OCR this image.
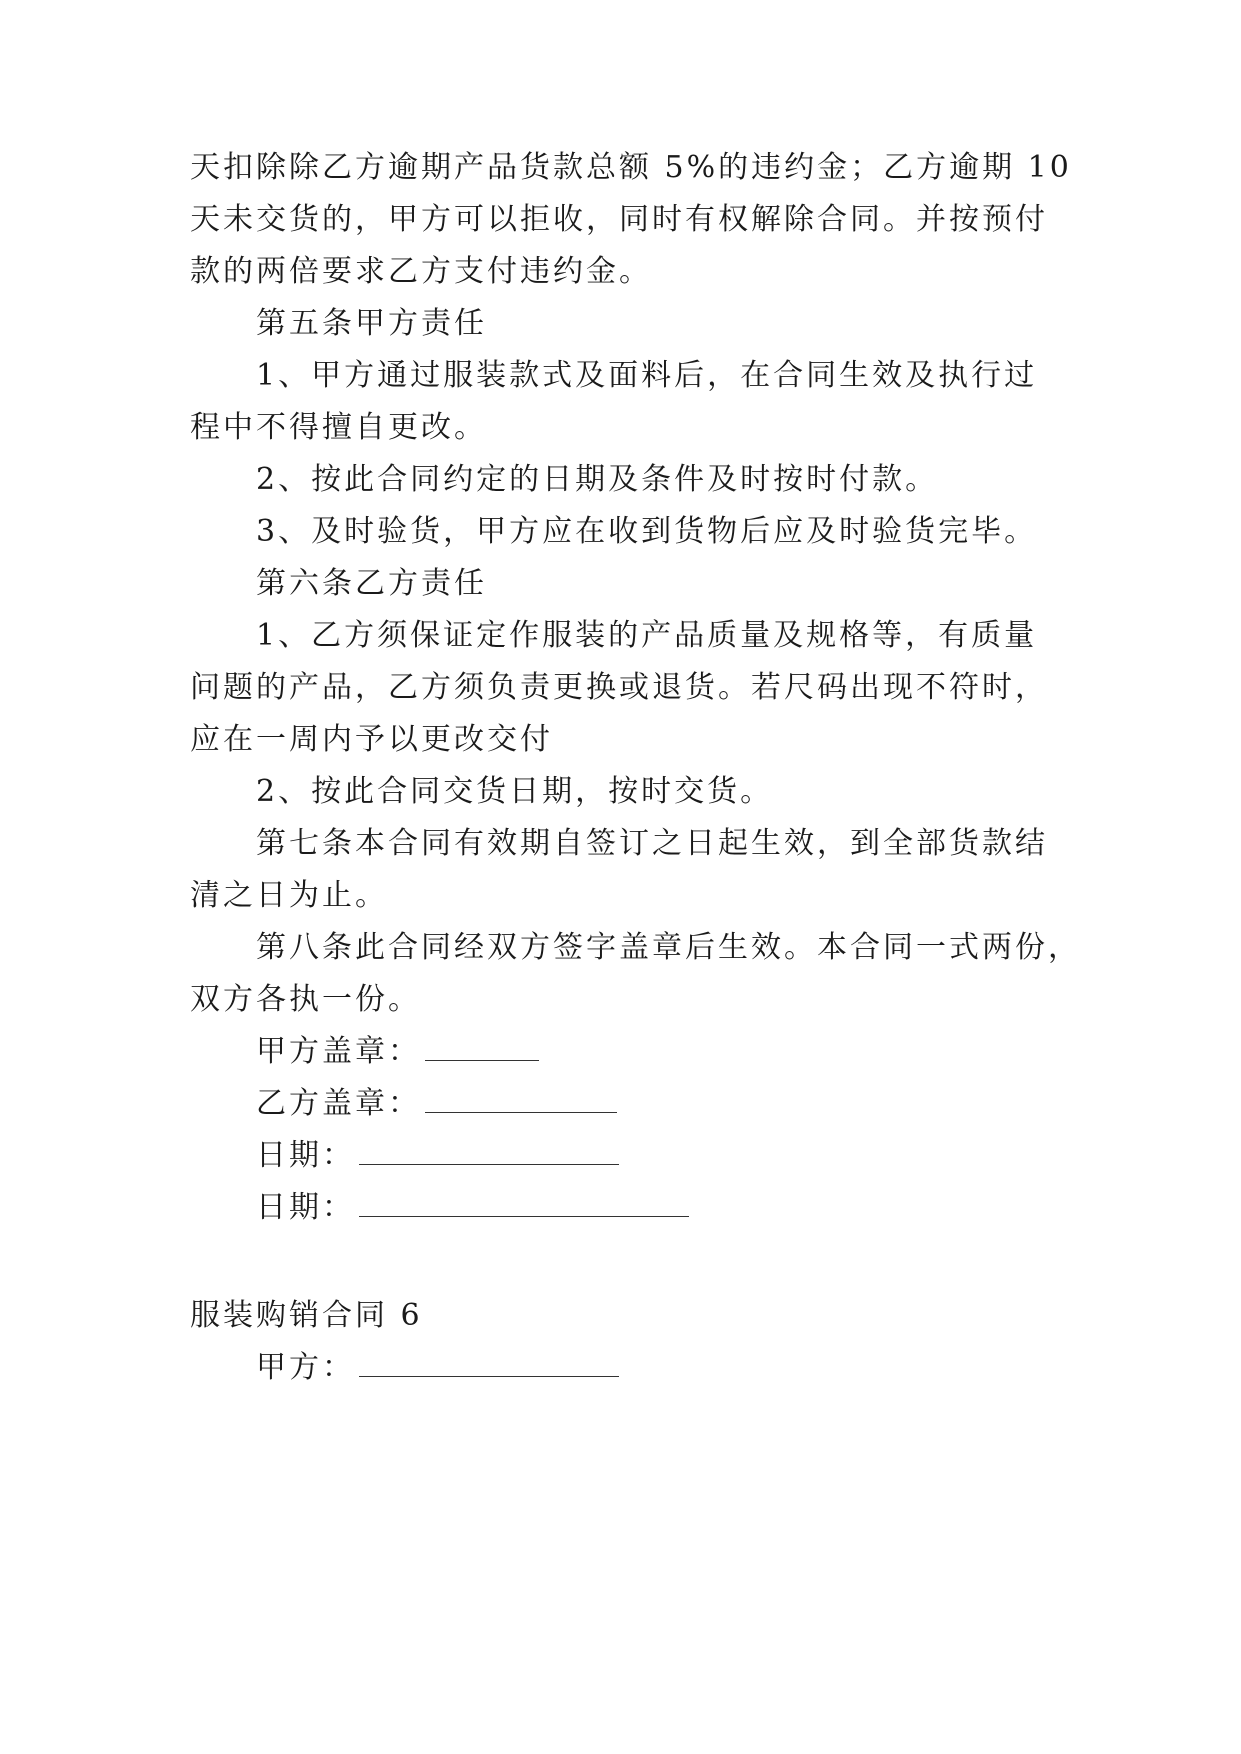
天扣除除乙方逾期产品货款总额 5%的违约金；乙方逾期 10
天未交货的，甲方可以拒收，同时有权解除合同。并按预付
款的两倍要求乙方支付违约金。
第五条甲方责任
1、甲方通过服装款式及面料后，在合同生效及执行过
程中不得擅自更改。
2、按此合同约定的日期及条件及时按时付款。
3、及时验货，甲方应在收到货物后应及时验货完毕。
第六条乙方责任
1、乙方须保证定作服装的产品质量及规格等，有质量
问题的产品，乙方须负责更换或退货。若尺码出现不符时，
应在一周内予以更改交付
2、按此合同交货日期，按时交货。
第七条本合同有效期自签订之日起生效，到全部货款结
清之日为止。
第八条此合同经双方签字盖章后生效。本合同一式两份，
双方各执一份。
甲方盖章：
乙方盖章：
日期：
日期：
服装购销合同 6
甲方：
